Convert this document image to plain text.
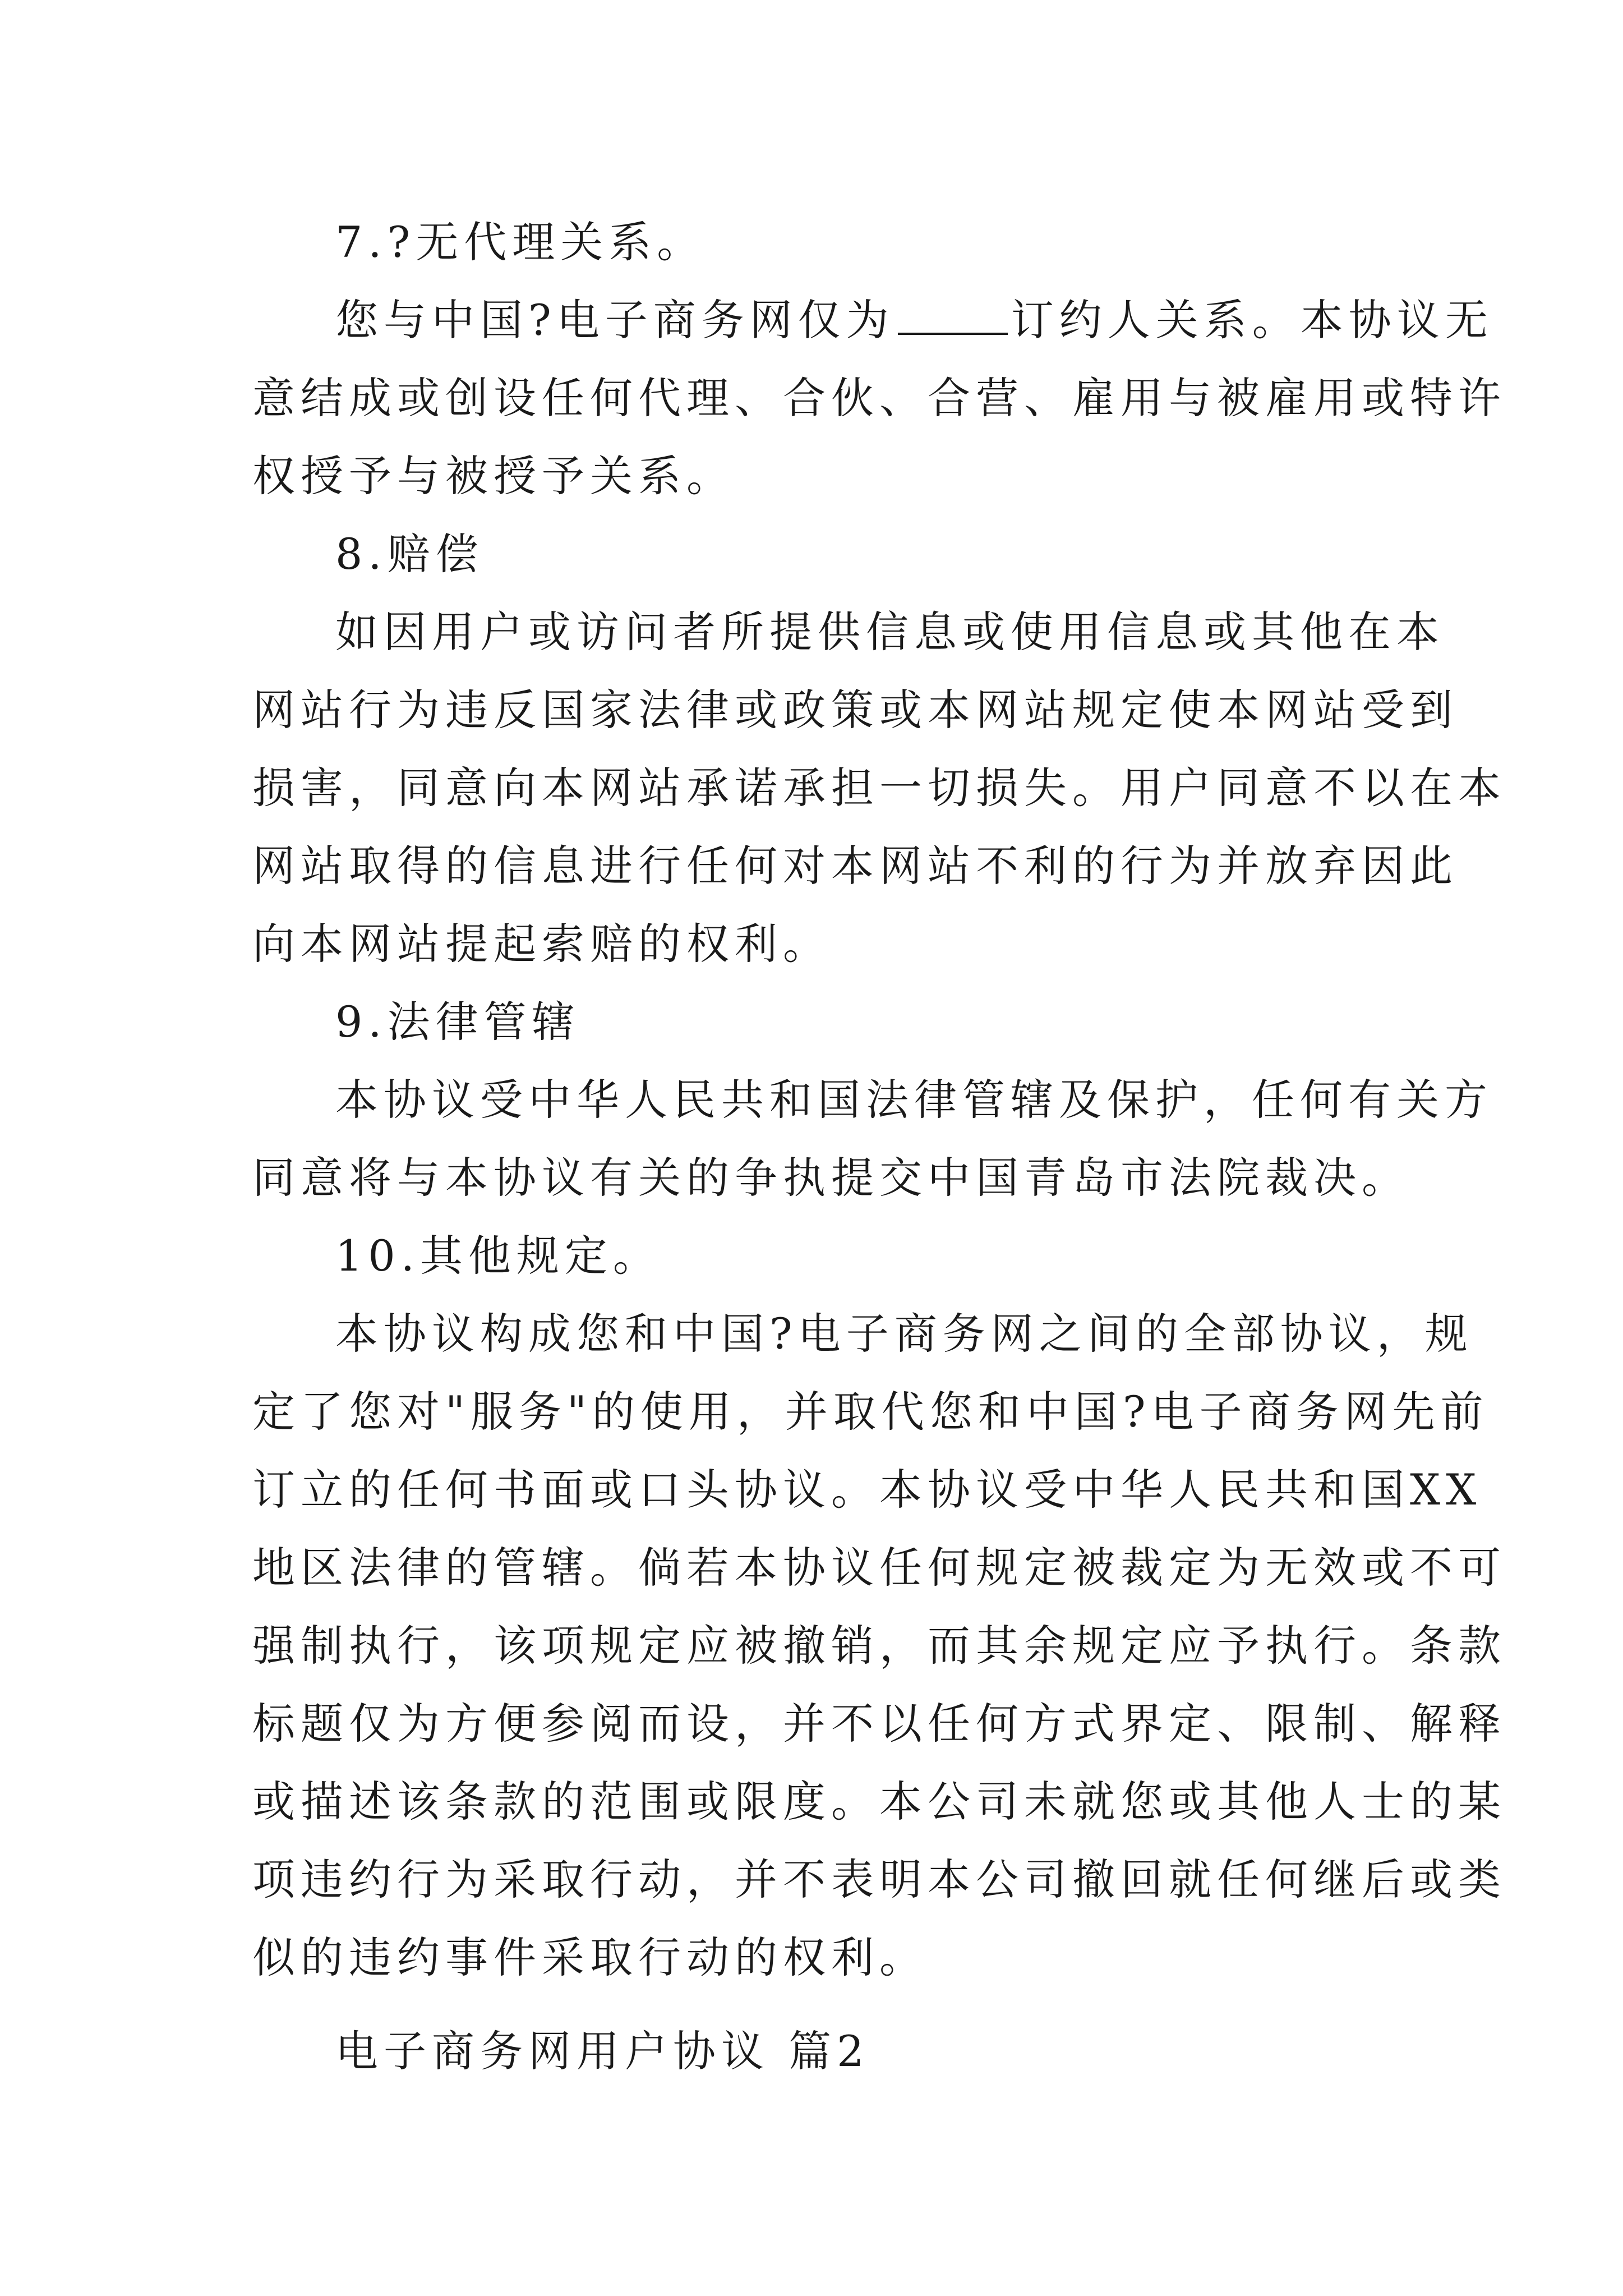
7.?无代理关系。
您与中国?电子商务网仅为	订约人关系。本协议无
意结成或创设任何代理、合伙、合营、雇用与被雇用或特许
权授予与被授予关系。
8.赔偿
如因用户或访问者所提供信息或使用信息或其他在本
网站行为违反国家法律或政策或本网站规定使本网站受到
损害，同意向本网站承诺承担一切损失。用户同意不以在本
网站取得的信息进行任何对本网站不利的行为并放弃因此
向本网站提起索赔的权利。
9.法律管辖
本协议受中华人民共和国法律管辖及保护，任何有关方
同意将与本协议有关的争执提交中国青岛市法院裁决。
10.其他规定。
本协议构成您和中国?电子商务网之间的全部协议，规
定了您对"服务"的使用，并取代您和中国?电子商务网先前
订立的任何书面或口头协议。本协议受中华人民共和国XX
地区法律的管辖。倘若本协议任何规定被裁定为无效或不可
强制执行，该项规定应被撤销，而其余规定应予执行。条款
标题仅为方便参阅而设，并不以任何方式界定、限制、解释
或描述该条款的范围或限度。本公司未就您或其他人士的某
项违约行为采取行动，并不表明本公司撤回就任何继后或类
似的违约事件采取行动的权利。
电子商务网用户协议 篇2
